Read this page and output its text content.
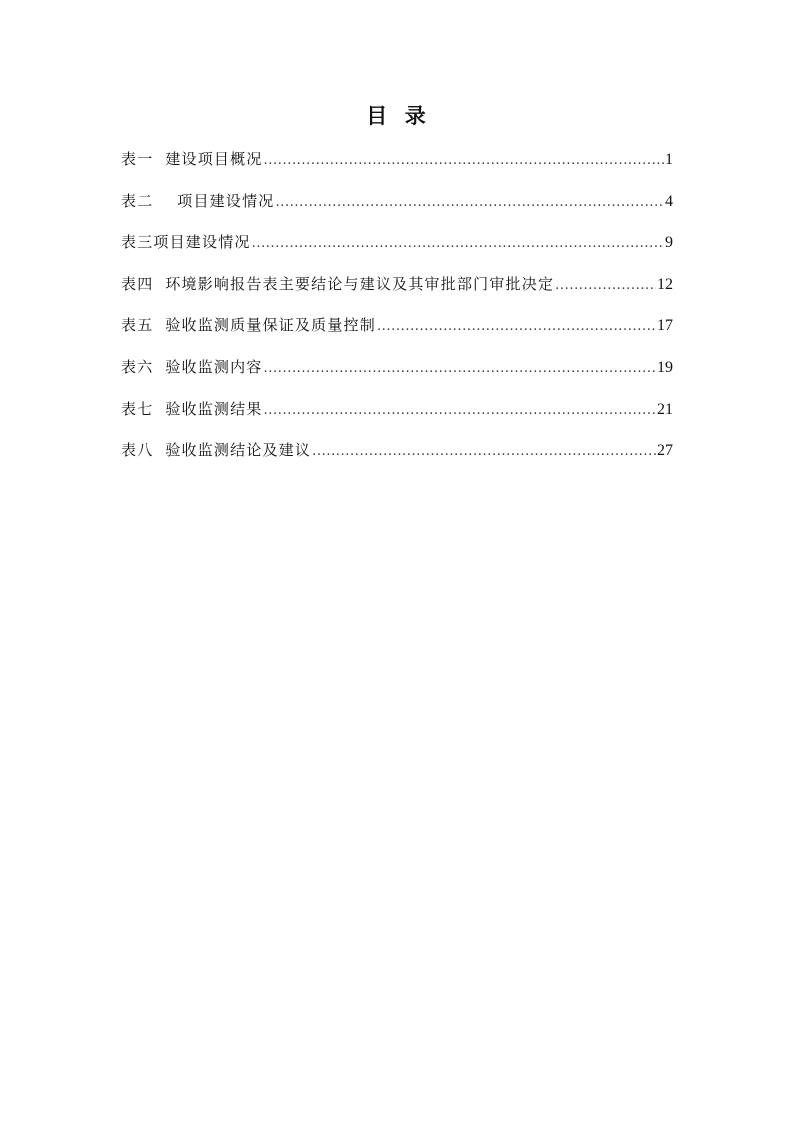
目  录
表一  建设项目概况 .....	1
表二    项目建设情况 .....	4
表三项目建设情况 .....	9
表四  环境影响报告表主要结论与建议及其审批部门审批决定 .....	12
表五  验收监测质量保证及质量控制 .....	17
表六  验收监测内容 .....	19
表七  验收监测结果 .....	21
表八  验收监测结论及建议 .....	27
